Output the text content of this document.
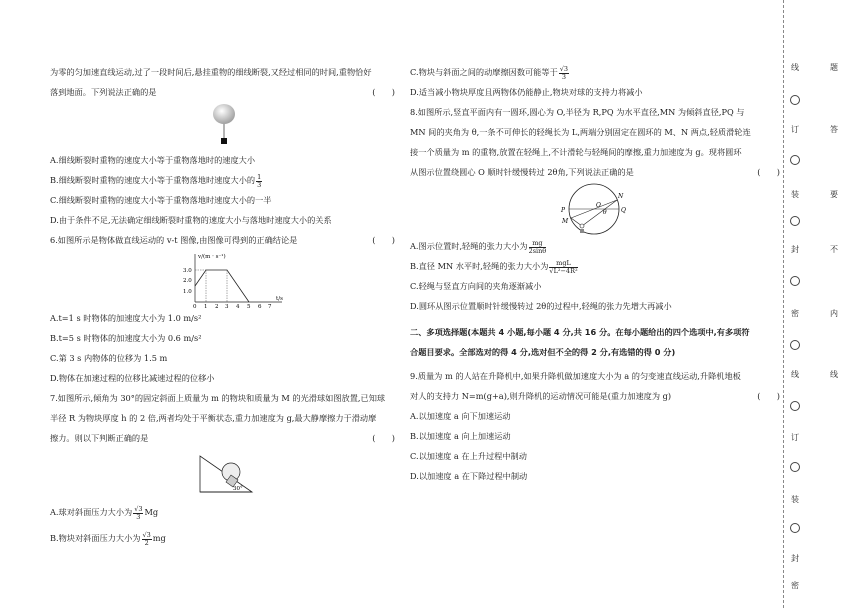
为零的匀加速直线运动,过了一段时间后,悬挂重物的细线断裂,又经过相同的时间,重物恰好
落到地面。下列说法正确的是	(　　)
A.细线断裂时重物的速度大小等于重物落地时的速度大小
B.细线断裂时重物的速度大小等于重物落地时速度大小的 $\frac{1}{3}$
C.细线断裂时重物的速度大小等于重物落地时速度大小的一半
D.由于条件不足,无法确定细线断裂时重物的速度大小与落地时速度大小的关系
6.如图所示是物体做直线运动的 v-t 图像,由图像可得到的正确结论是	(　　)
v/(m · s⁻¹)
3.0
2.0
1.0
0 1 2 3 4 5 6 7
t/s
A.t=1 s 时物体的加速度大小为 1.0 m/s²
B.t=5 s 时物体的加速度大小为 0.6 m/s²
C.第 3 s 内物体的位移为 1.5 m
D.物体在加速过程的位移比减速过程的位移小
7.如图所示,倾角为 30°的固定斜面上质量为 m 的物块和质量为 M 的光滑球如图放置,已知球
半径 R 为物块厚度 h 的 2 倍,两者均处于平衡状态,重力加速度为 g,最大静摩擦力于滑动摩
擦力。则以下判断正确的是	(　　)
30°
A.球对斜面压力大小为 $\frac{√3}{3}$ Mg
B.物块对斜面压力大小为 $\frac{√3}{2}$ mg
C.物块与斜面之间的动摩擦因数可能等于 $\frac{√3}{3}$
D.适当减小物块厚度且两物体仍能静止,物块对球的支持力将减小
8.如图所示,竖直平面内有一圆环,圆心为 O,半径为 R,PQ 为水平直径,MN 为倾斜直径,PQ 与
MN 间的夹角为 θ,一条不可伸长的轻绳长为 L,两端分别固定在圆环的 M、N 两点,轻质滑轮连
接一个质量为 m 的重物,放置在轻绳上,不计滑轮与轻绳间的摩擦,重力加速度为 g。现将圆环
从图示位置绕圆心 O 顺时针缓慢转过 2θ角,下列说法正确的是	(　　)
P
M
O
N
Q
θ
A.图示位置时,轻绳的张力大小为 $\frac{mg}{2\sin\theta}$
B.直径 MN 水平时,轻绳的张力大小为 $\frac{\text{mgL}}{\text{√L²−4R²}}$
C.轻绳与竖直方向间的夹角逐渐减小
D.圆环从图示位置顺时针缓慢转过 2θ的过程中,轻绳的张力先增大再减小
二、多项选择题(本题共 4 小题,每小题 4 分,共 16 分。在每小题给出的四个选项中,有多项符
合题目要求。全部选对的得 4 分,选对但不全的得 2 分,有选错的得 0 分)
9.质量为 m 的人站在升降机中,如果升降机做加速度大小为 a 的匀变速直线运动,升降机地板
对人的支持力 N=m(g+a),则升降机的运动情况可能是(重力加速度为 g)	(　　)
A.以加速度 a 向下加速运动
B.以加速度 a 向上加速运动
C.以加速度 a 在上升过程中制动
D.以加速度 a 在下降过程中制动
线
订
装
封
密
线
订
装
封
密
题
答
要
不
内
线
